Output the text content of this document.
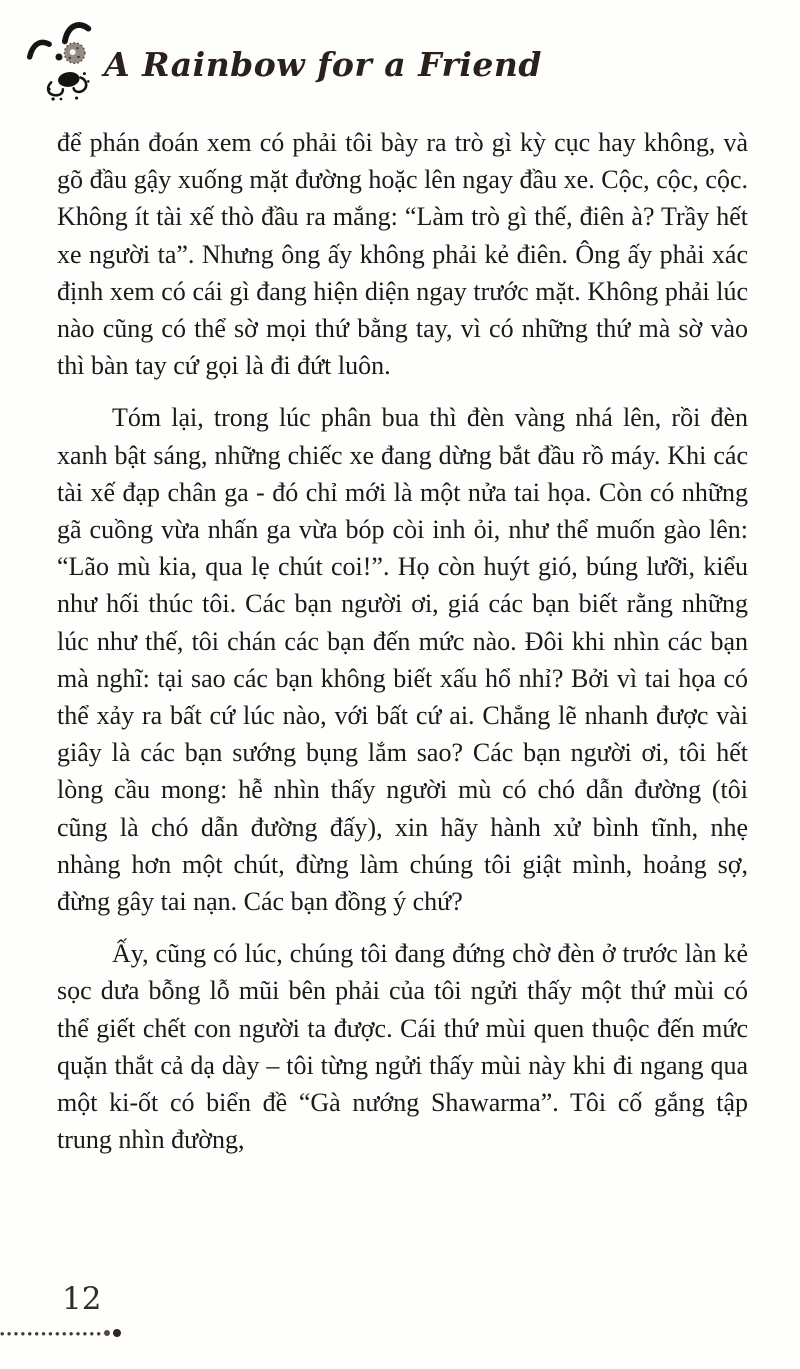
A Rainbow for a Friend

để phán đoán xem có phải tôi bày ra trò gì kỳ cục hay không, và gõ đầu gậy xuống mặt đường hoặc lên ngay đầu xe. Cộc, cộc, cộc. Không ít tài xế thò đầu ra mắng: “Làm trò gì thế, điên à? Trầy hết xe người ta”. Nhưng ông ấy không phải kẻ điên. Ông ấy phải xác định xem có cái gì đang hiện diện ngay trước mặt. Không phải lúc nào cũng có thể sờ mọi thứ bằng tay, vì có những thứ mà sờ vào thì bàn tay cứ gọi là đi đứt luôn.

Tóm lại, trong lúc phân bua thì đèn vàng nhá lên, rồi đèn xanh bật sáng, những chiếc xe đang dừng bắt đầu rồ máy. Khi các tài xế đạp chân ga - đó chỉ mới là một nửa tai họa. Còn có những gã cuồng vừa nhấn ga vừa bóp còi inh ỏi, như thể muốn gào lên: “Lão mù kia, qua lẹ chút coi!”. Họ còn huýt gió, búng lưỡi, kiểu như hối thúc tôi. Các bạn người ơi, giá các bạn biết rằng những lúc như thế, tôi chán các bạn đến mức nào. Đôi khi nhìn các bạn mà nghĩ: tại sao các bạn không biết xấu hổ nhỉ? Bởi vì tai họa có thể xảy ra bất cứ lúc nào, với bất cứ ai. Chẳng lẽ nhanh được vài giây là các bạn sướng bụng lắm sao? Các bạn người ơi, tôi hết lòng cầu mong: hễ nhìn thấy người mù có chó dẫn đường (tôi cũng là chó dẫn đường đấy), xin hãy hành xử bình tĩnh, nhẹ nhàng hơn một chút, đừng làm chúng tôi giật mình, hoảng sợ, đừng gây tai nạn. Các bạn đồng ý chứ?

Ấy, cũng có lúc, chúng tôi đang đứng chờ đèn ở trước làn kẻ sọc dưa bỗng lỗ mũi bên phải của tôi ngửi thấy một thứ mùi có thể giết chết con người ta được. Cái thứ mùi quen thuộc đến mức quặn thắt cả dạ dày – tôi từng ngửi thấy mùi này khi đi ngang qua một ki-ốt có biển đề “Gà nướng Shawarma”. Tôi cố gắng tập trung nhìn đường,

12
